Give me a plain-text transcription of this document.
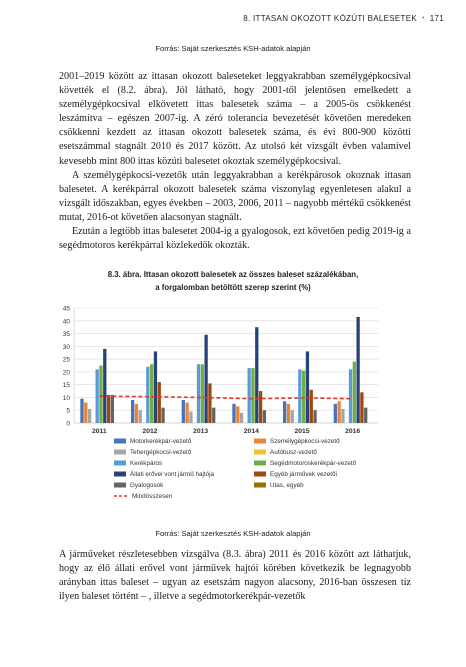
8. ITTASAN OKOZOTT KÖZÚTI BALESETEK • 171
Forrás: Saját szerkesztés KSH-adatok alapján

2001–2019 között az ittasan okozott baleseteket leggyakrabban személygépkocsival követték el (8.2. ábra). Jól látható, hogy 2001-től jelentősen emelkedett a személygépkocsival elkövetett ittas balesetek száma – a 2005-ös csökkenést leszámítva – egészen 2007-ig. A zéró tolerancia bevezetését követően meredeken csökkenni kezdett az ittasan okozott balesetek száma, és évi 800-900 közötti esetszámmal stagnált 2010 és 2017 között. Az utolsó két vizsgált évben valamivel kevesebb mint 800 ittas közúti balesetet okoztak személygépkocsival.

A személygépkocsi-vezetők után leggyakrabban a kerékpárosok okoznak ittasan balesetet. A kerékpárral okozott balesetek száma viszonylag egyenletesen alakul a vizsgált időszakban, egyes években – 2003, 2006, 2011 – nagyobb mértékű csökkenést mutat, 2016-ot követően alacsonyan stagnált.

Ezután a legtöbb ittas balesetet 2004-ig a gyalogosok, ezt követően pedig 2019-ig a segédmotoros kerékpárral közlekedők okozták.

8.3. ábra. Ittasan okozott balesetek az összes baleset százalékában,
a forgalomban betöltött szerep szerint (%)
0
5
10
15
20
25
30
35
40
45
2011	2012	2013	2014	2015	2016
Motorkerékpár-vezető	Személygépkocsi-vezető
Tehergépkocsi-vezető	Autóbusz-vezető
Kerékpáros	Segédmotoroskerékpár-vezető
Állati erővel vont jármű hajtója	Egyéb járművek vezetői
Gyalogosok	Utas, egyéb
Mindösszesen
Forrás: Saját szerkesztés KSH-adatok alapján

A járműveket részletesebben vizsgálva (8.3. ábra) 2011 és 2016 között azt láthatjuk, hogy az élő állati erővel vont járművek hajtói körében következik be legnagyobb arányban ittas baleset – ugyan az esetszám nagyon alacsony, 2016-ban összesen tíz ilyen baleset történt – , illetve a segédmotorkerékpár-vezetők
